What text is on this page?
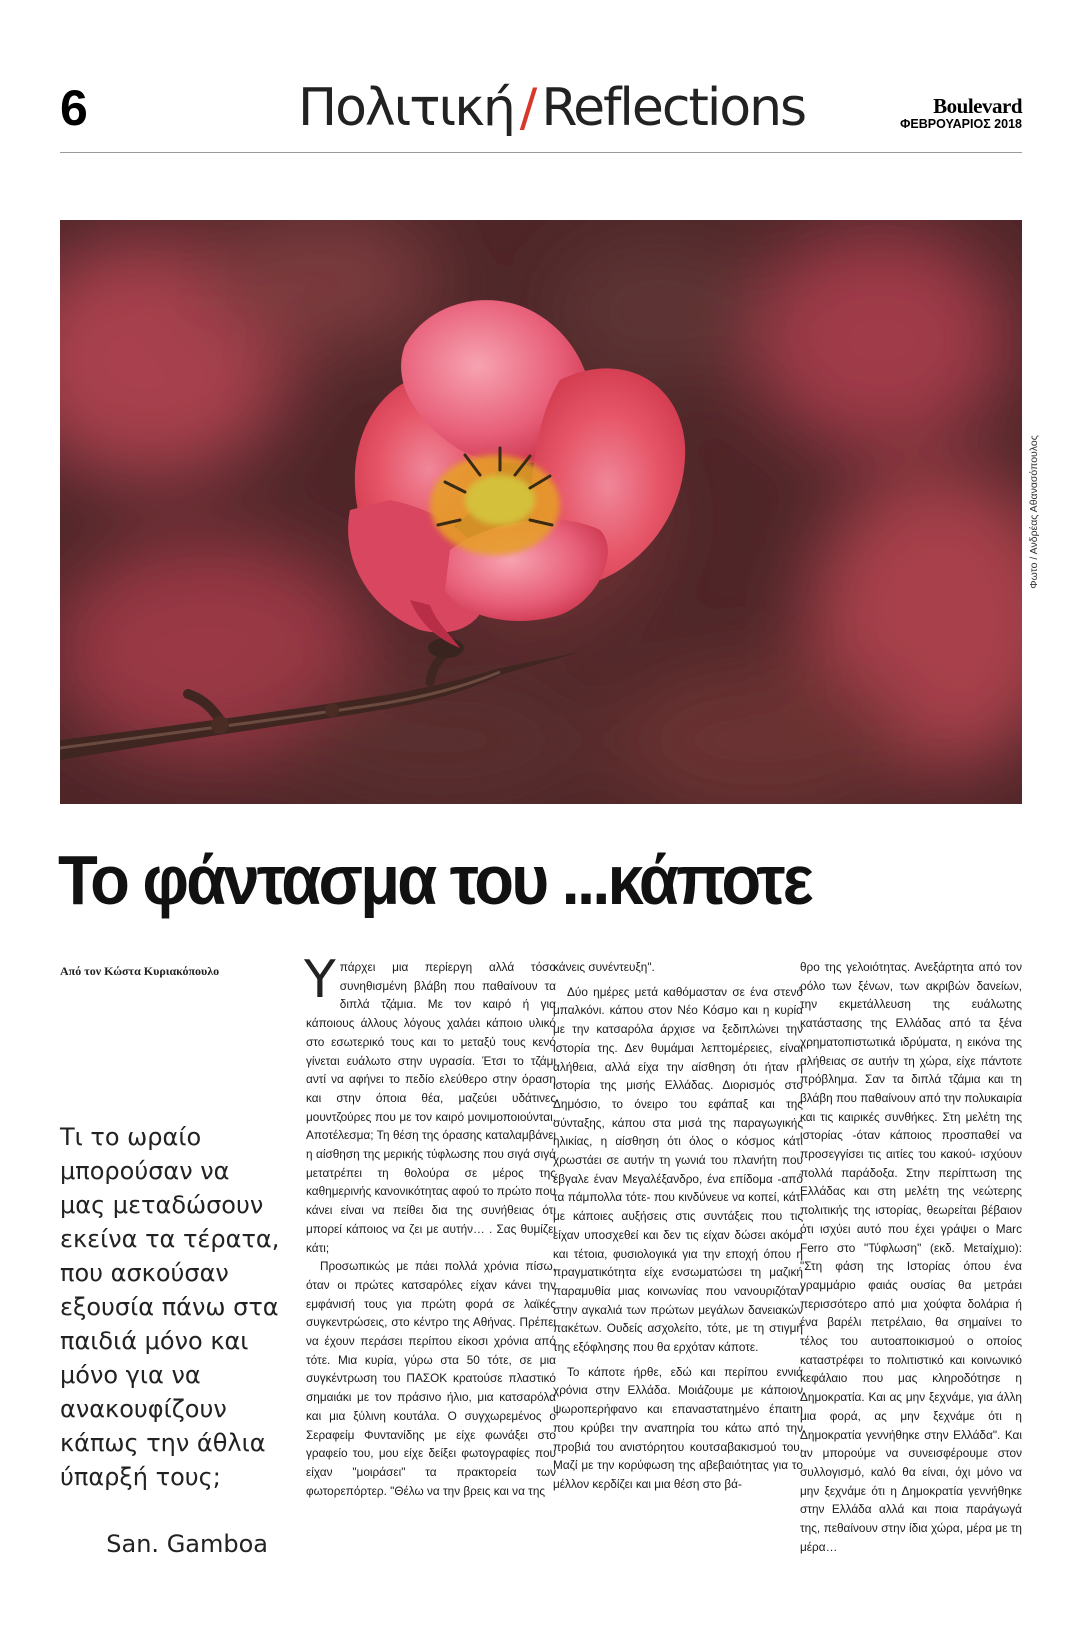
6	Πολιτική / Reflections	Boulevard
ΦΕΒΡΟΥΑΡΙΟΣ 2018
Φωτο / Ανδρέας Αθανασόπουλος
Το φάντασμα του ...κάποτε
Από τον Κώστα Κυριακόπουλο
Τι το ωραίο μπορούσαν να μας μεταδώσουν εκείνα τα τέρατα, που ασκούσαν εξουσία πάνω στα παιδιά μόνο και μόνο για να ανακουφίζουν κάπως την άθλια ύπαρξή τους;
San. Gamboa

Υπάρχει μια περίεργη αλλά τόσο συνηθισμένη βλάβη που παθαίνουν τα διπλά τζάμια. Με τον καιρό ή για κάποιους άλλους λόγους χαλάει κάποιο υλικό στο εσωτερικό τους και το μεταξύ τους κενό γίνεται ευάλωτο στην υγρασία. Έτσι το τζάμι αντί να αφήνει το πεδίο ελεύθερο στην όραση και στην όποια θέα, μαζεύει υδάτινες μουντζούρες που με τον καιρό μονιμοποιούνται. Αποτέλεσμα; Τη θέση της όρασης καταλαμβάνει η αίσθηση της μερικής τύφλωσης που σιγά σιγά μετατρέπει τη θολούρα σε μέρος της καθημερινής κανονικότητας αφού το πρώτο που κάνει είναι να πείθει δια της συνήθειας ότι μπορεί κάποιος να ζει με αυτήν… . Σας θυμίζει κάτι;

Προσωπικώς με πάει πολλά χρόνια πίσω, όταν οι πρώτες κατσαρόλες είχαν κάνει την εμφάνισή τους για πρώτη φορά σε λαϊκές συγκεντρώσεις, στο κέντρο της Αθήνας. Πρέπει να έχουν περάσει περίπου είκοσι χρόνια από τότε. Μια κυρία, γύρω στα 50 τότε, σε μια συγκέντρωση του ΠΑΣΟΚ κρατούσε πλαστικό σημαιάκι με τον πράσινο ήλιο, μια κατσαρόλα και μια ξύλινη κουτάλα. Ο συγχωρεμένος ο Σεραφείμ Φυντανίδης με είχε φωνάξει στο γραφείο του, μου είχε δείξει φωτογραφίες που είχαν "μοιράσει" τα πρακτορεία των φωτορεπόρτερ. "Θέλω να την βρεις και να της

κάνεις συνέντευξη".

Δύο ημέρες μετά καθόμασταν σε ένα στενό μπαλκόνι. κάπου στον Νέο Κόσμο και η κυρία με την κατσαρόλα άρχισε να ξεδιπλώνει την ιστορία της. Δεν θυμάμαι λεπτομέρειες, είναι αλήθεια, αλλά είχα την αίσθηση ότι ήταν η ιστορία της μισής Ελλάδας. Διορισμός στο Δημόσιο, το όνειρο του εφάπαξ και της σύνταξης, κάπου στα μισά της παραγωγικής ηλικίας, η αίσθηση ότι όλος ο κόσμος κάτι χρωστάει σε αυτήν τη γωνιά του πλανήτη που έβγαλε έναν Μεγαλέξανδρο, ένα επίδομα -από τα πάμπολλα τότε- που κινδύνευε να κοπεί, κάτι με κάποιες αυξήσεις στις συντάξεις που τις είχαν υποσχεθεί και δεν τις είχαν δώσει ακόμα και τέτοια, φυσιολογικά για την εποχή όπου η πραγματικότητα είχε ενσωματώσει τη μαζική παραμυθία μιας κοινωνίας που νανουριζόταν στην αγκαλιά των πρώτων μεγάλων δανειακών πακέτων. Ουδείς ασχολείτο, τότε, με τη στιγμή της εξόφλησης που θα ερχόταν κάποτε.

Το κάποτε ήρθε, εδώ και περίπου εννιά χρόνια στην Ελλάδα. Μοιάζουμε με κάποιον ψωροπερήφανο και επαναστατημένο έπαιτη που κρύβει την αναπηρία του κάτω από την προβιά του ανιστόρητου κουτσαβακισμού του. Μαζί με την κορύφωση της αβεβαιότητας για το μέλλον κερδίζει και μια θέση στο βά-

θρο της γελοιότητας. Ανεξάρτητα από τον ρόλο των ξένων, των ακριβών δανείων, την εκμετάλλευση της ευάλωτης κατάστασης της Ελλάδας από τα ξένα χρηματοπιστωτικά ιδρύματα, η εικόνα της αλήθειας σε αυτήν τη χώρα, είχε πάντοτε πρόβλημα. Σαν τα διπλά τζάμια και τη βλάβη που παθαίνουν από την πολυκαιρία και τις καιρικές συνθήκες. Στη μελέτη της ιστορίας -όταν κάποιος προσπαθεί να προσεγγίσει τις αιτίες του κακού- ισχύουν πολλά παράδοξα. Στην περίπτωση της Ελλάδας και στη μελέτη της νεώτερης πολιτικής της ιστορίας, θεωρείται βέβαιον ότι ισχύει αυτό που έχει γράψει ο Marc Ferro στο "Τύφλωση" (εκδ. Μεταίχμιο): "Στη φάση της Ιστορίας όπου ένα γραμμάριο φαιάς ουσίας θα μετράει περισσότερο από μια χούφτα δολάρια ή ένα βαρέλι πετρέλαιο, θα σημαίνει το τέλος του αυτοαποικισμού ο οποίος καταστρέφει το πολιτιστικό και κοινωνικό κεφάλαιο που μας κληροδότησε η Δημοκρατία. Και ας μην ξεχνάμε, για άλλη μια φορά, ας μην ξεχνάμε ότι η Δημοκρατία γεννήθηκε στην Ελλάδα". Και αν μπορούμε να συνεισφέρουμε στον συλλογισμό, καλό θα είναι, όχι μόνο να μην ξεχνάμε ότι η Δημοκρατία γεννήθηκε στην Ελλάδα αλλά και ποια παράγωγά της, πεθαίνουν στην ίδια χώρα, μέρα με τη μέρα…
